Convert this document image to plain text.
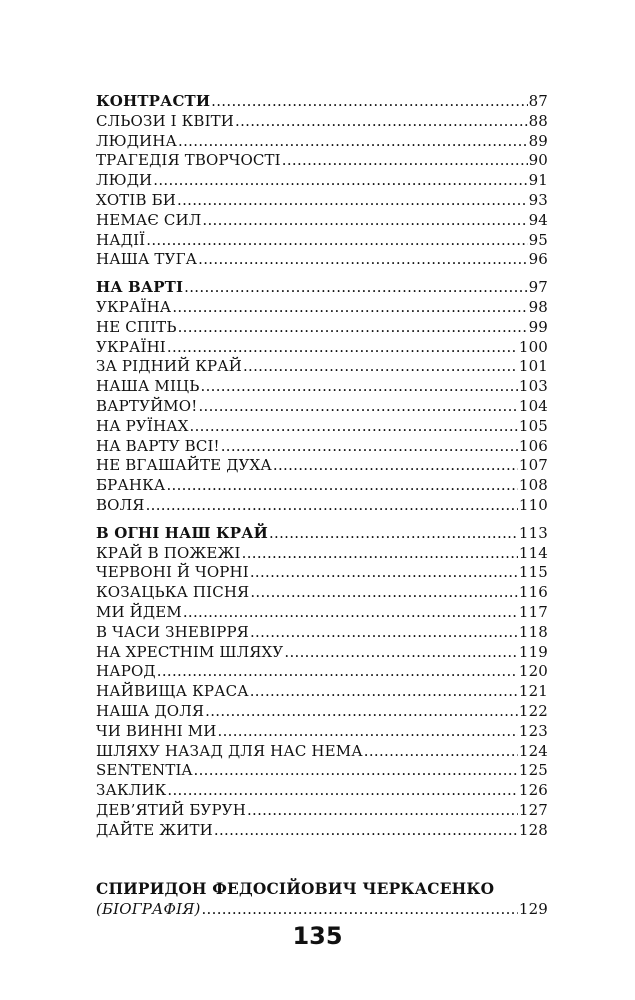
КОНТРАСТИ .....	87
СЛЬОЗИ І КВІТИ .....	88
ЛЮДИНА .....	89
ТРАГЕДІЯ ТВОРЧОСТІ .....	90
ЛЮДИ .....	91
ХОТІВ БИ .....	93
НЕМАЄ СИЛ .....	94
НАДІЇ .....	95
НАША ТУГА .....	96
НА ВАРТІ .....	97
УКРАЇНА .....	98
НЕ СПІТЬ .....	99
УКРАЇНІ .....	100
ЗА РІДНИЙ КРАЙ .....	101
НАША МІЦЬ .....	103
ВАРТУЙМО! .....	104
НА РУЇНАХ .....	105
НА ВАРТУ ВСІ! .....	106
НЕ ВГАШАЙТЕ ДУХА .....	107
БРАНКА .....	108
ВОЛЯ .....	110
В ОГНІ НАШ КРАЙ .....	113
КРАЙ В ПОЖЕЖІ .....	114
ЧЕРВОНІ Й ЧОРНІ .....	115
КОЗАЦЬКА ПІСНЯ .....	116
МИ ЙДЕМ .....	117
В ЧАСИ ЗНЕВІРРЯ .....	118
НА ХРЕСТНІМ ШЛЯХУ .....	119
НАРОД .....	120
НАЙВИЩА КРАСА .....	121
НАША ДОЛЯ .....	122
ЧИ ВИННІ МИ .....	123
ШЛЯХУ НАЗАД ДЛЯ НАС НЕМА .....	124
SENTENTIA .....	125
ЗАКЛИК .....	126
ДЕВ’ЯТИЙ БУРУН .....	127
ДАЙТЕ ЖИТИ .....	128
СПИРИДОН ФЕДОСІЙОВИЧ ЧЕРКАСЕНКО
(БІОГРАФІЯ) .....	129
135
